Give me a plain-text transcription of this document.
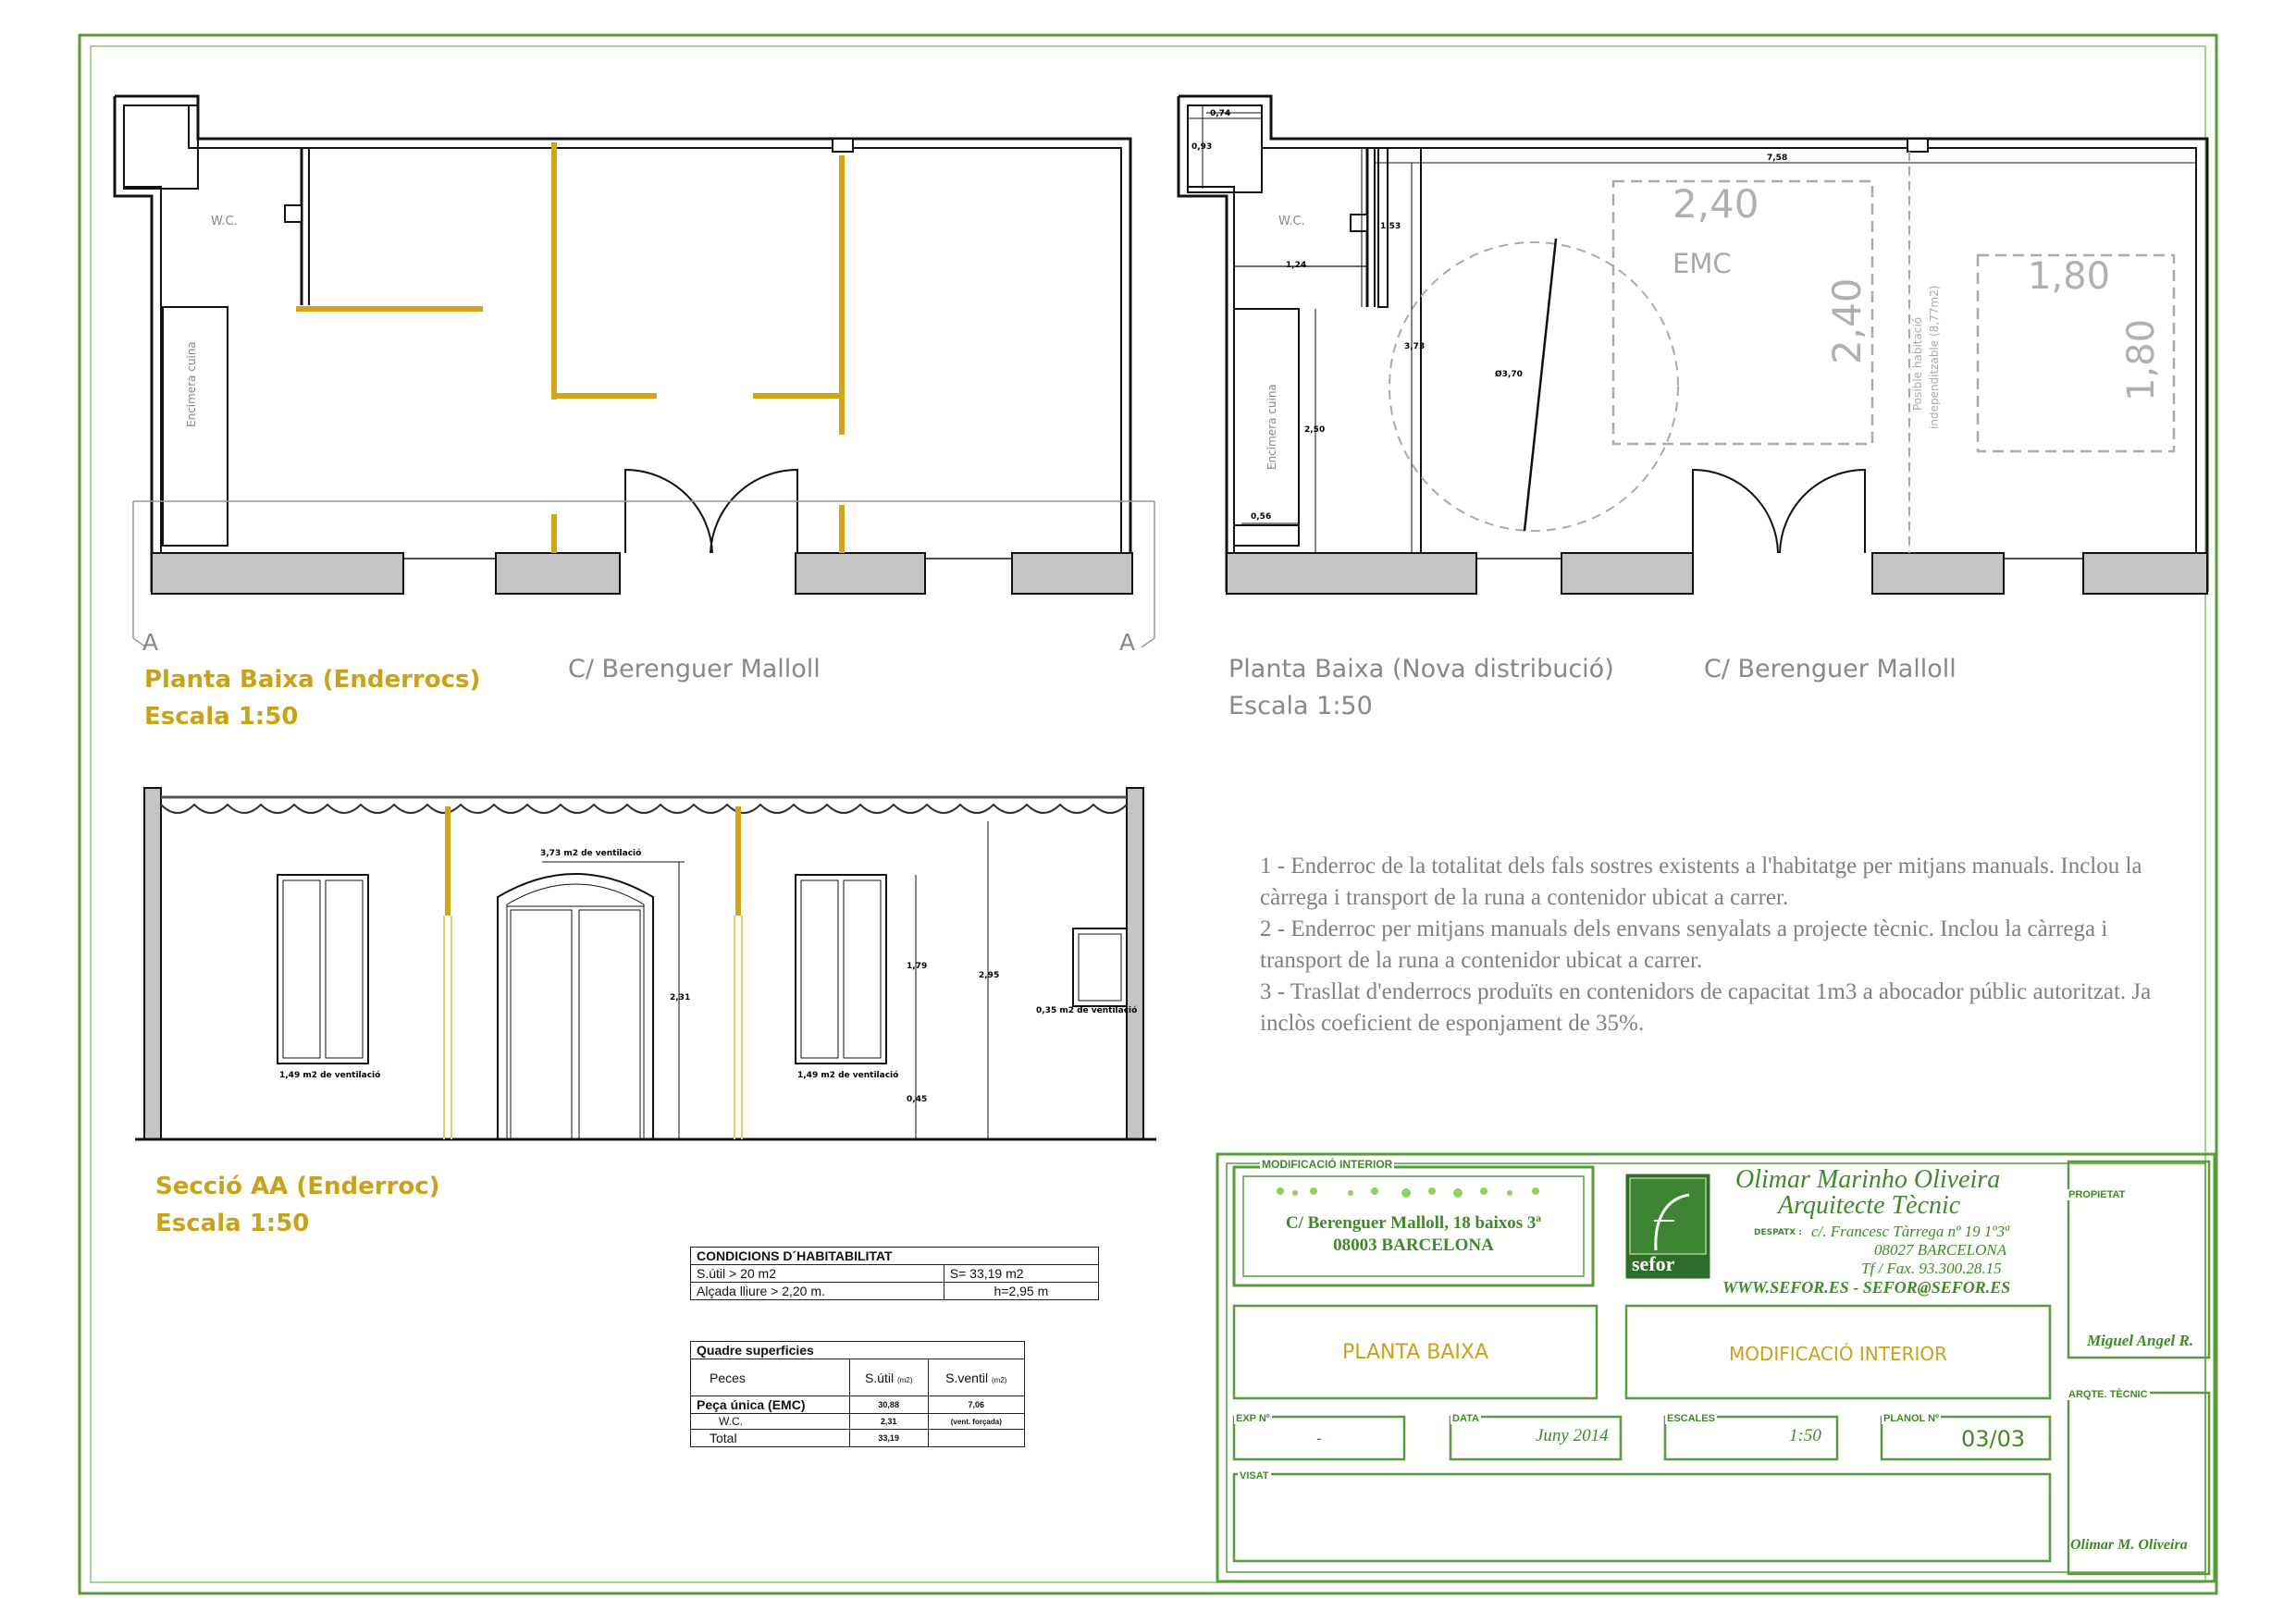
W.C.
Encimera cuina
A	A
Planta Baixa (Enderrocs)
Escala 1:50
C/ Berenguer Malloll
W.C.
Encimera cuina
0,74
0,93
7,58
1,53
1,24
3,73
2,50
0,56
Ø3,70
2,40
EMC
2,40
1,80
1,80
Posible habitació independitzable (8,77m2)
Planta Baixa (Nova distribució)
Escala 1:50
C/ Berenguer Malloll
3,73 m2 de ventilació
1,49 m2 de ventilació	1,49 m2 de ventilació
0,35 m2 de ventilació
2,31
1,79
2,95
0,45
Secció AA (Enderroc)
Escala 1:50

1 - Enderroc de la totalitat dels fals sostres existents a l'habitatge per mitjans manuals. Inclou la càrrega i transport de la runa a contenidor ubicat a carrer.

2 - Enderroc per mitjans manuals dels envans senyalats a projecte tècnic. Inclou la càrrega i transport de la runa a contenidor ubicat a carrer.

3 - Trasllat d'enderrocs produïts en contenidors de capacitat 1m3 a abocador públic autoritzat. Ja inclòs coeficient de esponjament de 35%.

CONDICIONS D´HABITABILITAT	
S.útil > 20 m2	S= 33,19 m2
Alçada lliure > 2,20 m.	h=2,95 m
Quadre superficies		
Peces	S.útil (m2)	S.ventil (m2)
Peça única (EMC)	30,88	7,06
W.C.	2,31	(vent. forçada)
Total	33,19	
MODIFICACIÓ INTERIOR
C/ Berenguer Malloll, 18 baixos 3ª
08003 BARCELONA
sefor
Olimar Marinho Oliveira
Arquitecte Tècnic
DESPATX : c/. Francesc Tàrrega nº 19 1º3ª
08027 BARCELONA
Tf / Fax. 93.300.28.15
WWW.SEFOR.ES - SEFOR@SEFOR.ES
PLANTA BAIXA	MODIFICACIÓ INTERIOR
EXP Nº
-
DATA
Juny 2014
ESCALES
1:50
PLANOL Nº
03/03
VISAT
PROPIETAT
Miguel Angel R.
ARQTE. TÈCNIC
Olimar M. Oliveira
